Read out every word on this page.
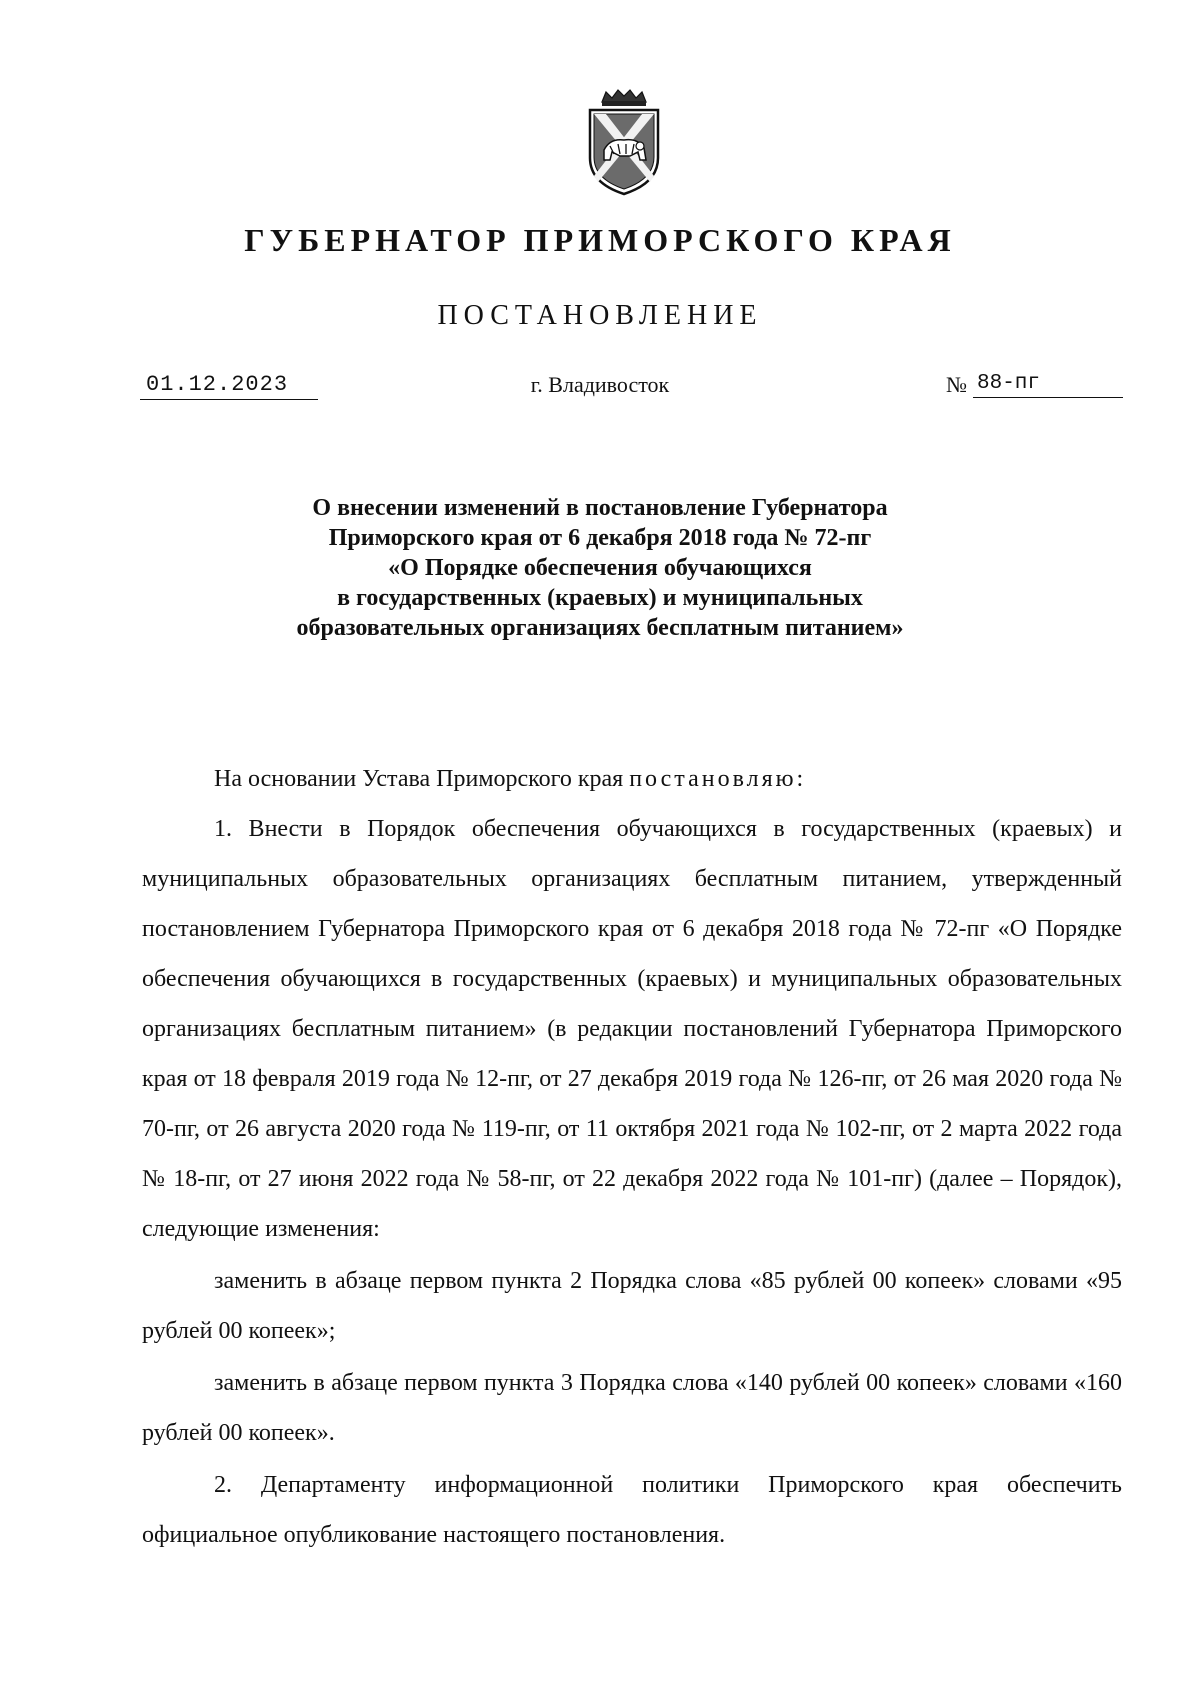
ГУБЕРНАТОР ПРИМОРСКОГО КРАЯ
ПОСТАНОВЛЕНИЕ
01.12.2023	г. Владивосток	№ 88-пг
О внесении изменений в постановление Губернатора
Приморского края от 6 декабря 2018 года № 72-пг
«О Порядке обеспечения обучающихся
в государственных (краевых) и муниципальных
образовательных организациях бесплатным питанием»

На основании Устава Приморского края постановляю:

1. Внести в Порядок обеспечения обучающихся в государственных (краевых) и муниципальных образовательных организациях бесплатным питанием, утвержденный постановлением Губернатора Приморского края от 6 декабря 2018 года № 72-пг «О Порядке обеспечения обучающихся в государственных (краевых) и муниципальных образовательных организациях бесплатным питанием» (в редакции постановлений Губернатора Приморского края от 18 февраля 2019 года № 12-пг, от 27 декабря 2019 года № 126-пг, от 26 мая 2020 года № 70-пг, от 26 августа 2020 года № 119-пг, от 11 октября 2021 года № 102-пг, от 2 марта 2022 года № 18-пг, от 27 июня 2022 года № 58-пг, от 22 декабря 2022 года № 101-пг) (далее – Порядок), следующие изменения:

заменить в абзаце первом пункта 2 Порядка слова «85 рублей 00 копеек» словами «95 рублей 00 копеек»;

заменить в абзаце первом пункта 3 Порядка слова «140 рублей 00 копеек» словами «160 рублей 00 копеек».

2. Департаменту информационной политики Приморского края обеспечить официальное опубликование настоящего постановления.
